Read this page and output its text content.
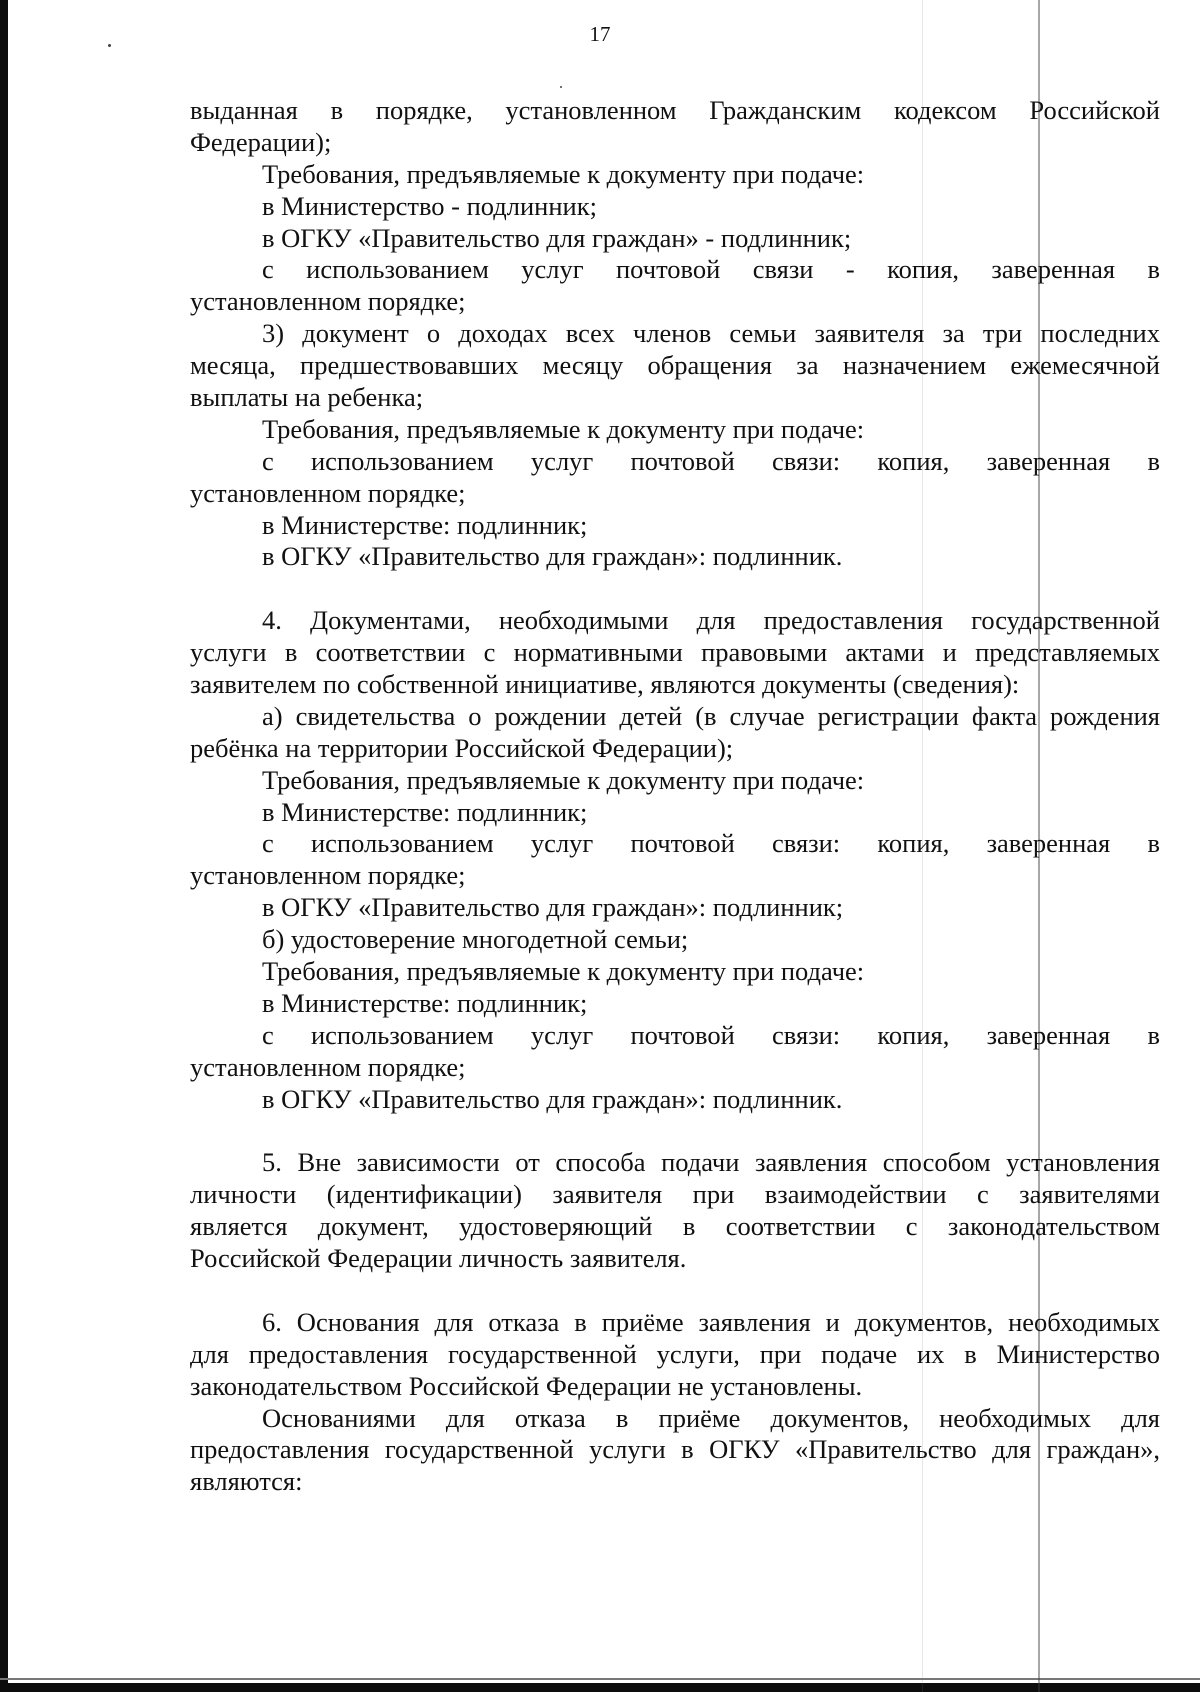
17
выданная в порядке, установленном Гражданским кодексом Российской
Федерации);
Требования, предъявляемые к документу при подаче:
в Министерство - подлинник;
в ОГКУ «Правительство для граждан» - подлинник;
с использованием услуг почтовой связи - копия, заверенная в
установленном порядке;
3) документ о доходах всех членов семьи заявителя за три последних
месяца, предшествовавших месяцу обращения за назначением ежемесячной
выплаты на ребенка;
Требования, предъявляемые к документу при подаче:
с использованием услуг почтовой связи: копия, заверенная в
установленном порядке;
в Министерстве: подлинник;
в ОГКУ «Правительство для граждан»: подлинник.
4. Документами, необходимыми для предоставления государственной
услуги в соответствии с нормативными правовыми актами и представляемых
заявителем по собственной инициативе, являются документы (сведения):
а) свидетельства о рождении детей (в случае регистрации факта рождения
ребёнка на территории Российской Федерации);
Требования, предъявляемые к документу при подаче:
в Министерстве: подлинник;
с использованием услуг почтовой связи: копия, заверенная в
установленном порядке;
в ОГКУ «Правительство для граждан»: подлинник;
б) удостоверение многодетной семьи;
Требования, предъявляемые к документу при подаче:
в Министерстве: подлинник;
с использованием услуг почтовой связи: копия, заверенная в
установленном порядке;
в ОГКУ «Правительство для граждан»: подлинник.
5. Вне зависимости от способа подачи заявления способом установления
личности (идентификации) заявителя при взаимодействии с заявителями
является документ, удостоверяющий в соответствии с законодательством
Российской Федерации личность заявителя.
6. Основания для отказа в приёме заявления и документов, необходимых
для предоставления государственной услуги, при подаче их в Министерство
законодательством Российской Федерации не установлены.
Основаниями для отказа в приёме документов, необходимых для
предоставления государственной услуги в ОГКУ «Правительство для граждан»,
являются:
